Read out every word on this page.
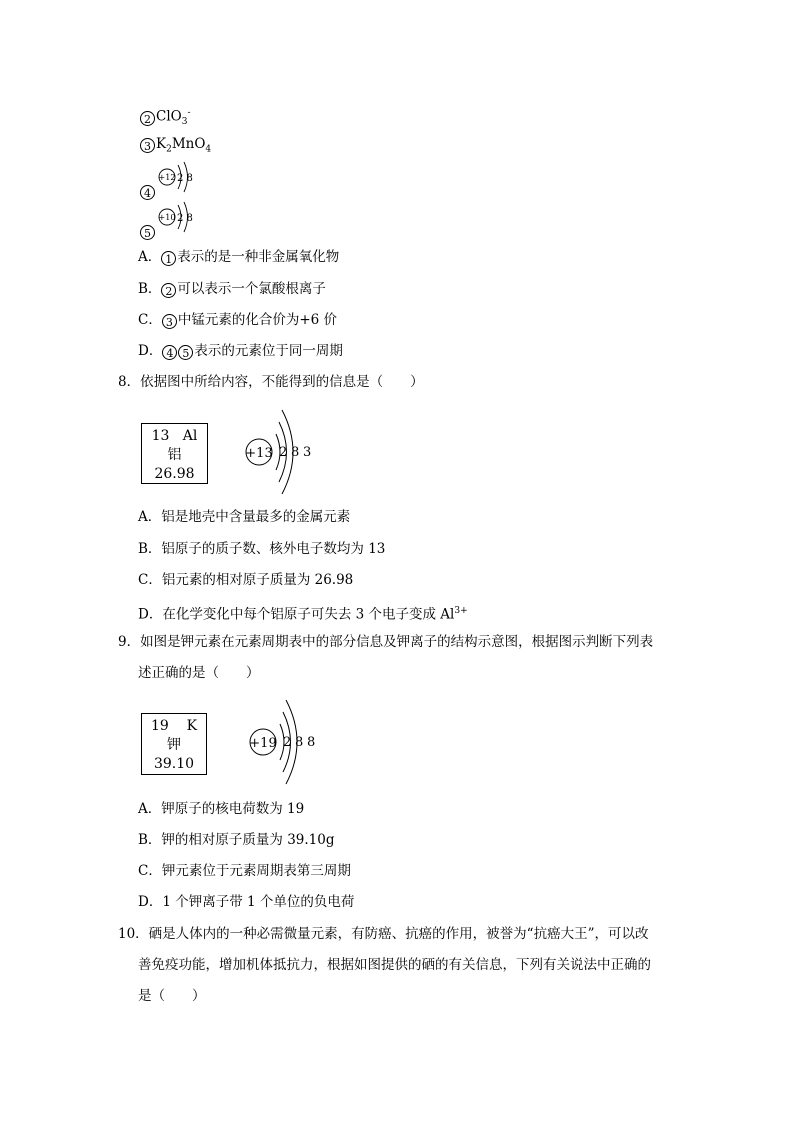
2 ClO$_3$-
3 $K_2MnO_4$
4
+12 2 8
5
+10 2 8
A． 1 表示的是一种非金属氧化物
B． 2 可以表示一个氯酸根离子
C． 3 中锰元素的化合价为+6 价
D． 4 5 表示的元素位于同一周期
8．依据图中所给内容，不能得到的信息是（　　）
13 Al
铝
26.98
+13 2 8 3
A．铝是地壳中含量最多的金属元素
B．铝原子的质子数、核外电子数均为 13
C．铝元素的相对原子质量为 26.98
D．在化学变化中每个铝原子可失去 3 个电子变成 $Al^{3+}$
9．如图是钾元素在元素周期表中的部分信息及钾离子的结构示意图，根据图示判断下列表
述正确的是（　　）
19 K
钾
39.10
+19 2 8 8
A．钾原子的核电荷数为 19
B．钾的相对原子质量为 39.10g
C．钾元素位于元素周期表第三周期
D．1 个钾离子带 1 个单位的负电荷
10．硒是人体内的一种必需微量元素，有防癌、抗癌的作用，被誉为“抗癌大王”，可以改
善免疫功能，增加机体抵抗力，根据如图提供的硒的有关信息，下列有关说法中正确的
是（　　）
